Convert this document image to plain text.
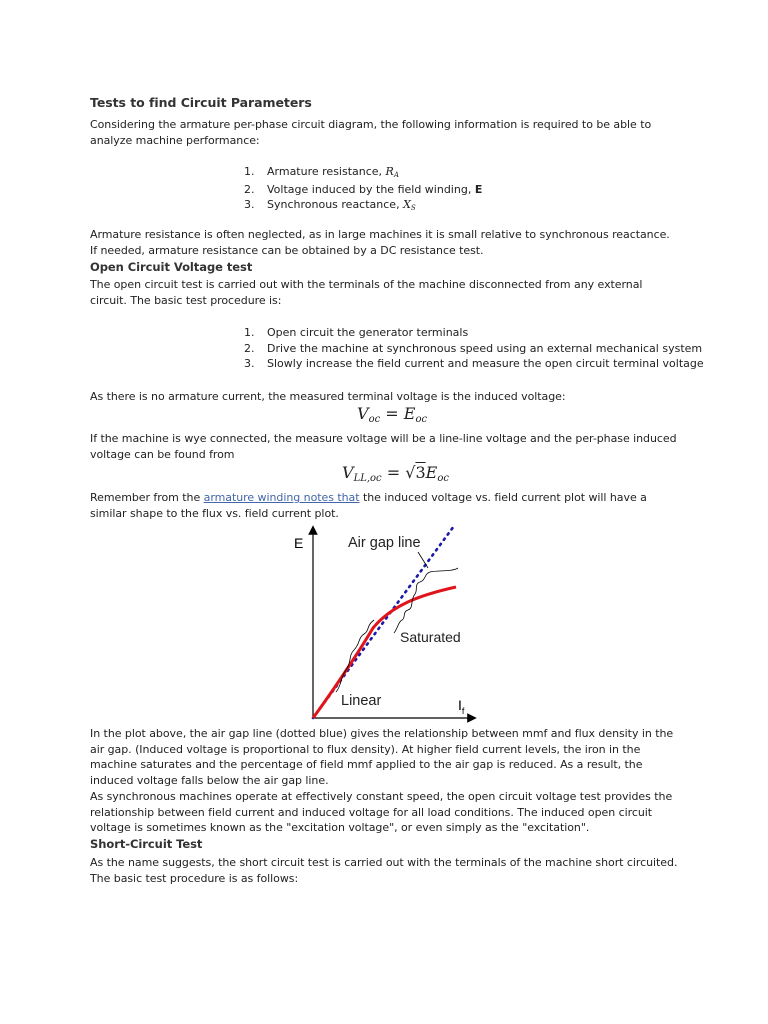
Tests to find Circuit Parameters

Considering the armature per-phase circuit diagram, the following information is required to be able to analyze machine performance:

1. Armature resistance, RA
2. Voltage induced by the field winding, E
3. Synchronous reactance, XS

Armature resistance is often neglected, as in large machines it is small relative to synchronous reactance. If needed, armature resistance can be obtained by a DC resistance test.

Open Circuit Voltage test

The open circuit test is carried out with the terminals of the machine disconnected from any external circuit. The basic test procedure is:

1. Open circuit the generator terminals
2. Drive the machine at synchronous speed using an external mechanical system
3. Slowly increase the field current and measure the open circuit terminal voltage

As there is no armature current, the measured terminal voltage is the induced voltage:

Voc = Eoc

If the machine is wye connected, the measure voltage will be a line-line voltage and the per-phase induced voltage can be found from

VLL,oc = √3Eoc

Remember from the armature winding notes that the induced voltage vs. field current plot will have a similar shape to the flux vs. field current plot.

E
$I_f$
Air gap line
Saturated
Linear

In the plot above, the air gap line (dotted blue) gives the relationship between mmf and flux density in the air gap. (Induced voltage is proportional to flux density). At higher field current levels, the iron in the machine saturates and the percentage of field mmf applied to the air gap is reduced. As a result, the induced voltage falls below the air gap line.

As synchronous machines operate at effectively constant speed, the open circuit voltage test provides the relationship between field current and induced voltage for all load conditions. The induced open circuit voltage is sometimes known as the "excitation voltage", or even simply as the "excitation".

Short-Circuit Test

As the name suggests, the short circuit test is carried out with the terminals of the machine short circuited. The basic test procedure is as follows:
